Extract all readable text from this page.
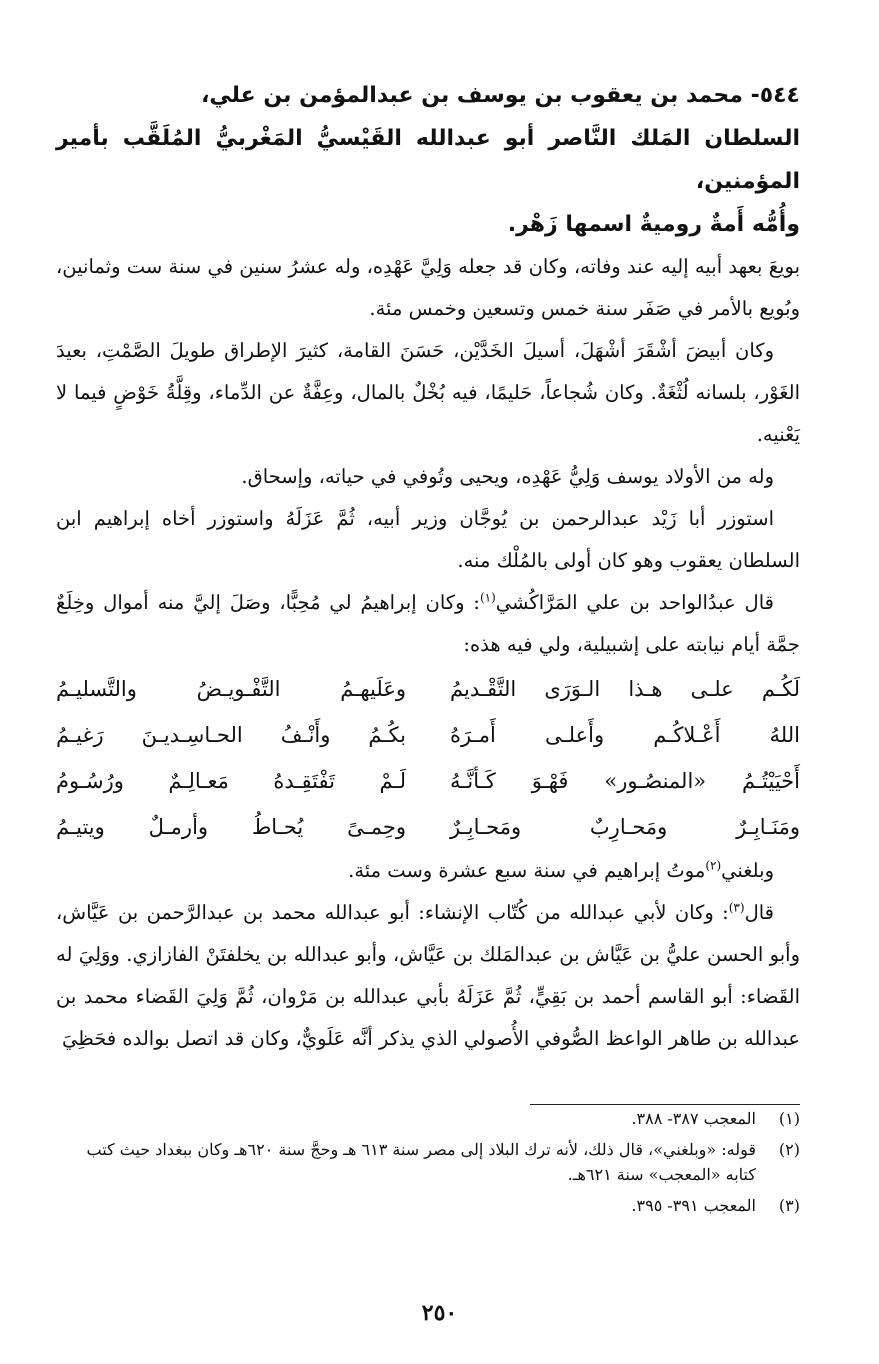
٥٤٤- محمد بن يعقوب بن يوسف بن عبدالمؤمن بن علي،
السلطان المَلك النَّاصر أبو عبدالله القَيْسيُّ المَغْربيُّ المُلَقَّب بأمير المؤمنين،
وأُمُّه أَمةٌ روميةٌ اسمها زَهْر.

بويعَ بعهد أبيه إليه عند وفاته، وكان قد جعله وَلِيَّ عَهْدِه، وله عشرُ سنين في سنة ست وثمانين، وبُويع بالأمر في صَفَر سنة خمس وتسعين وخمس مئة.

وكان أبيضَ أشْقَرَ أشْهَلَ، أسيلَ الخَدَّيْن، حَسَنَ القامة، كثيرَ الإطراق طويلَ الصَّمْتِ، بعيدَ الغَوْر، بلسانه لُثْغَةٌ. وكان شُجاعاً، حَليمًا، فيه بُخْلٌ بالمال، وعِفَّةٌ عن الدِّماء، وقِلَّةُ خَوْضٍ فيما لا يَعْنيه.

وله من الأولاد يوسف وَلِيُّ عَهْدِه، ويحيى وتُوفي في حياته، وإسحاق.

استوزر أبا زَيْد عبدالرحمن بن يُوجَّان وزير أبيه، ثُمَّ عَزَلَهُ واستوزر أخاه إبراهيم ابن السلطان يعقوب وهو كان أولى بالمُلْك منه.

قال عبدُالواحد بن علي المَرَّاكُشي$^{(١)}$: وكان إبراهيمُ لي مُحِبًّا، وصَلَ إليَّ منه أموال وخِلَعٌ جمَّة أيام نيابته على إشبيلية، ولي فيه هذه:

لَكُـم علـى هـذا الـوَرَى التَّقْـديمُ
وعَلَيهـمُ التَّفْـويـضُ والتَّسليـمُ
اللهُ أَعْـلاكُـم وأَعلـى أَمـرَهُ
بكُـمُ وأَنْـفُ الحـاسِـديـنَ رَغيـمُ
أَحْيَيْتُـمُ «المنصُـور» فَهْـوَ كَـأنَّـهُ
لَـمْ تَفْتَقِـدهُ مَعـالِـمٌ ورُسُـومُ
ومَنَـابِـرٌ ومَحـارِبٌ ومَحـابِـرٌ
وحِمـىً يُحـاطُ وأرمـلٌ ويتيـمُ

وبلغني$^{(٢)}$موتُ إبراهيم في سنة سبع عشرة وست مئة.

قال$^{(٣)}$: وكان لأبي عبدالله من كُتّاب الإنشاء: أبو عبدالله محمد بن عبدالرَّحمن بن عَيَّاش، وأبو الحسن عليُّ بن عَيَّاش بن عبدالمَلك بن عَيَّاش، وأبو عبدالله بن يخلفتَنْ الفازازي. ووَلِيَ له القَضاء: أبو القاسم أحمد بن بَقِيٍّ، ثُمَّ عَزَلَهُ بأبي عبدالله بن مَرْوان، ثُمَّ وَلِيَ القَضاء محمد بن عبدالله بن طاهر الواعظ الصُّوفي الأُصولي الذي يذكر أنَّه عَلَويٌّ، وكان قد اتصل بوالده فحَظِيَ

(١)
المعجب ٣٨٧- ٣٨٨.
(٢)
قوله: «وبلغني»، قال ذلك، لأنه ترك البلاد إلى مصر سنة ٦١٣ هـ وحجَّ سنة ٦٢٠هـ وكان ببغداد حيث كتب كتابه «المعجب» سنة ٦٢١هـ.
(٣)
المعجب ٣٩١- ٣٩٥.
٢٥٠
